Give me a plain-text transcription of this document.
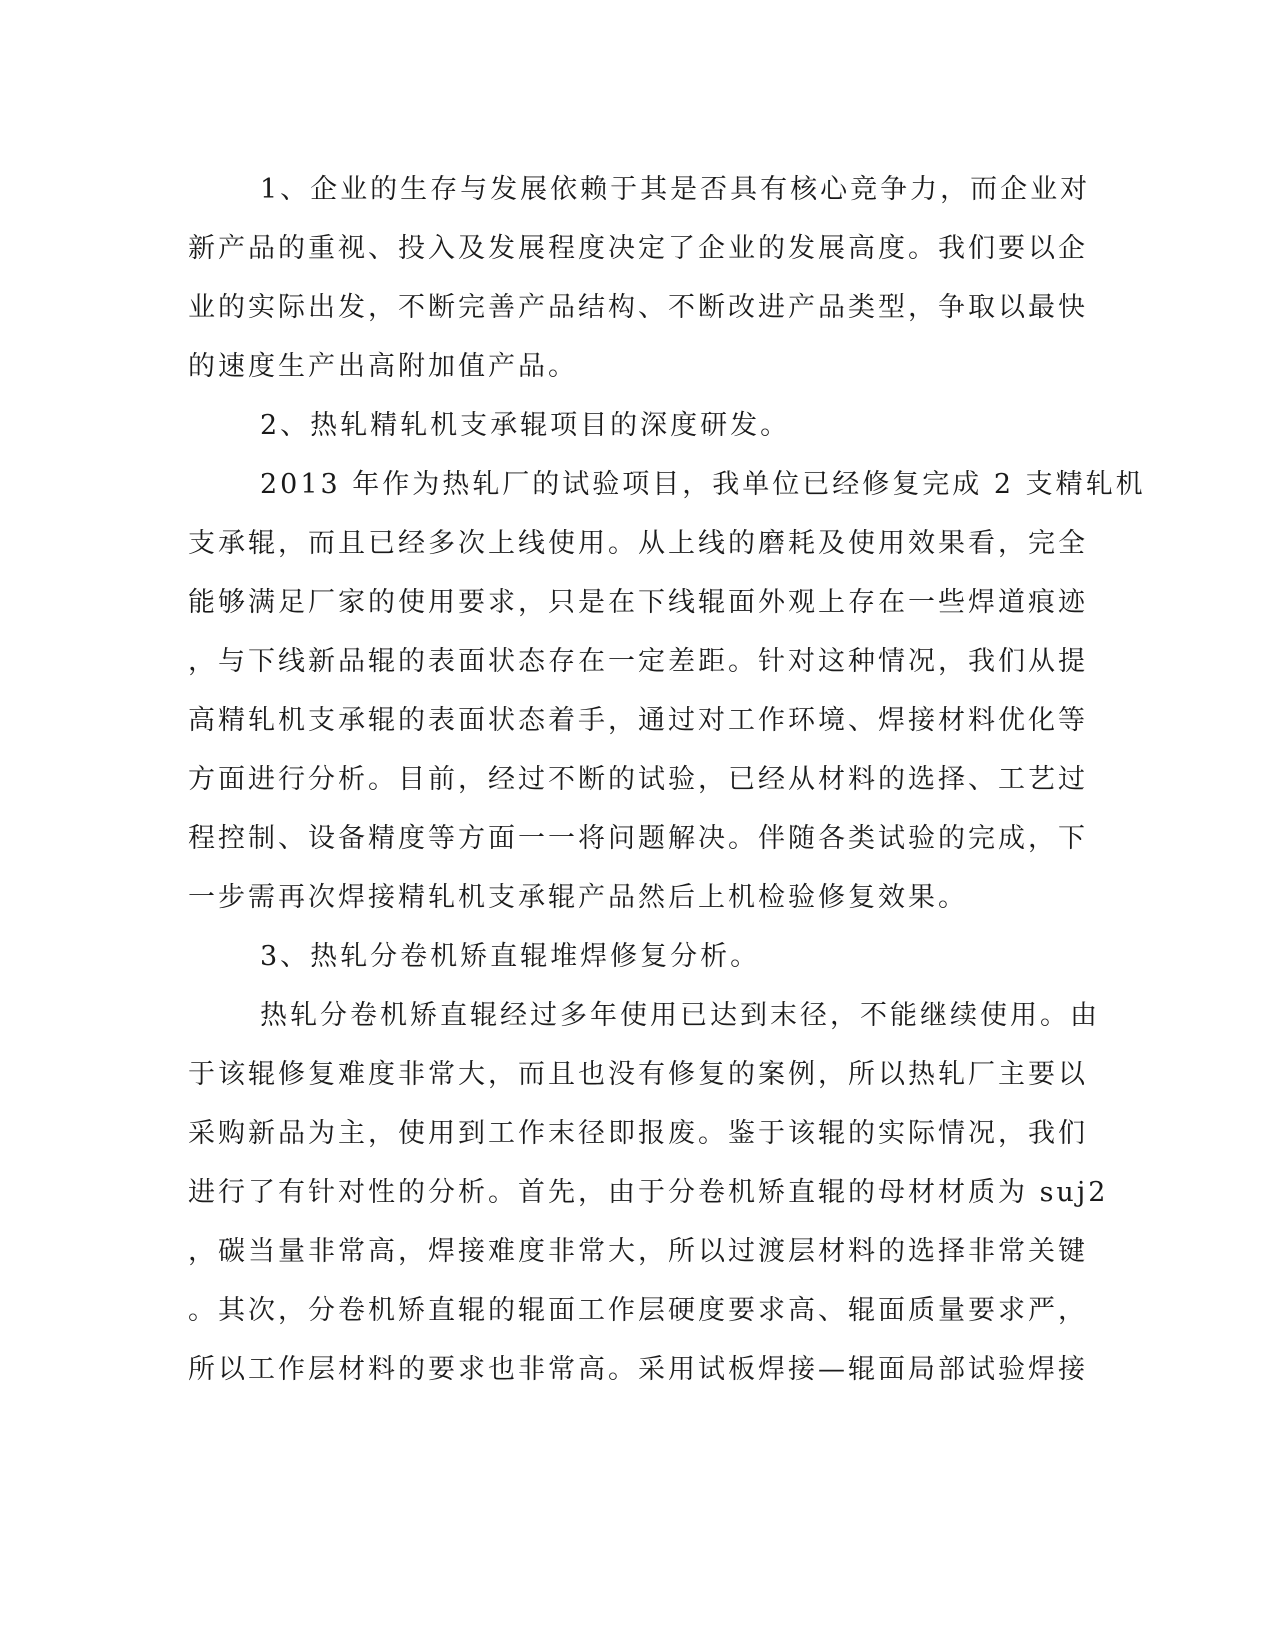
1、企业的生存与发展依赖于其是否具有核心竞争力，而企业对
新产品的重视、投入及发展程度决定了企业的发展高度。我们要以企
业的实际出发，不断完善产品结构、不断改进产品类型，争取以最快
的速度生产出高附加值产品。
2、热轧精轧机支承辊项目的深度研发。
2013 年作为热轧厂的试验项目，我单位已经修复完成 2 支精轧机
支承辊，而且已经多次上线使用。从上线的磨耗及使用效果看，完全
能够满足厂家的使用要求，只是在下线辊面外观上存在一些焊道痕迹
，与下线新品辊的表面状态存在一定差距。针对这种情况，我们从提
高精轧机支承辊的表面状态着手，通过对工作环境、焊接材料优化等
方面进行分析。目前，经过不断的试验，已经从材料的选择、工艺过
程控制、设备精度等方面一一将问题解决。伴随各类试验的完成，下
一步需再次焊接精轧机支承辊产品然后上机检验修复效果。
3、热轧分卷机矫直辊堆焊修复分析。
热轧分卷机矫直辊经过多年使用已达到末径，不能继续使用。由
于该辊修复难度非常大，而且也没有修复的案例，所以热轧厂主要以
采购新品为主，使用到工作末径即报废。鉴于该辊的实际情况，我们
进行了有针对性的分析。首先，由于分卷机矫直辊的母材材质为 suj2
，碳当量非常高，焊接难度非常大，所以过渡层材料的选择非常关键
。其次，分卷机矫直辊的辊面工作层硬度要求高、辊面质量要求严，
所以工作层材料的要求也非常高。采用试板焊接—辊面局部试验焊接
